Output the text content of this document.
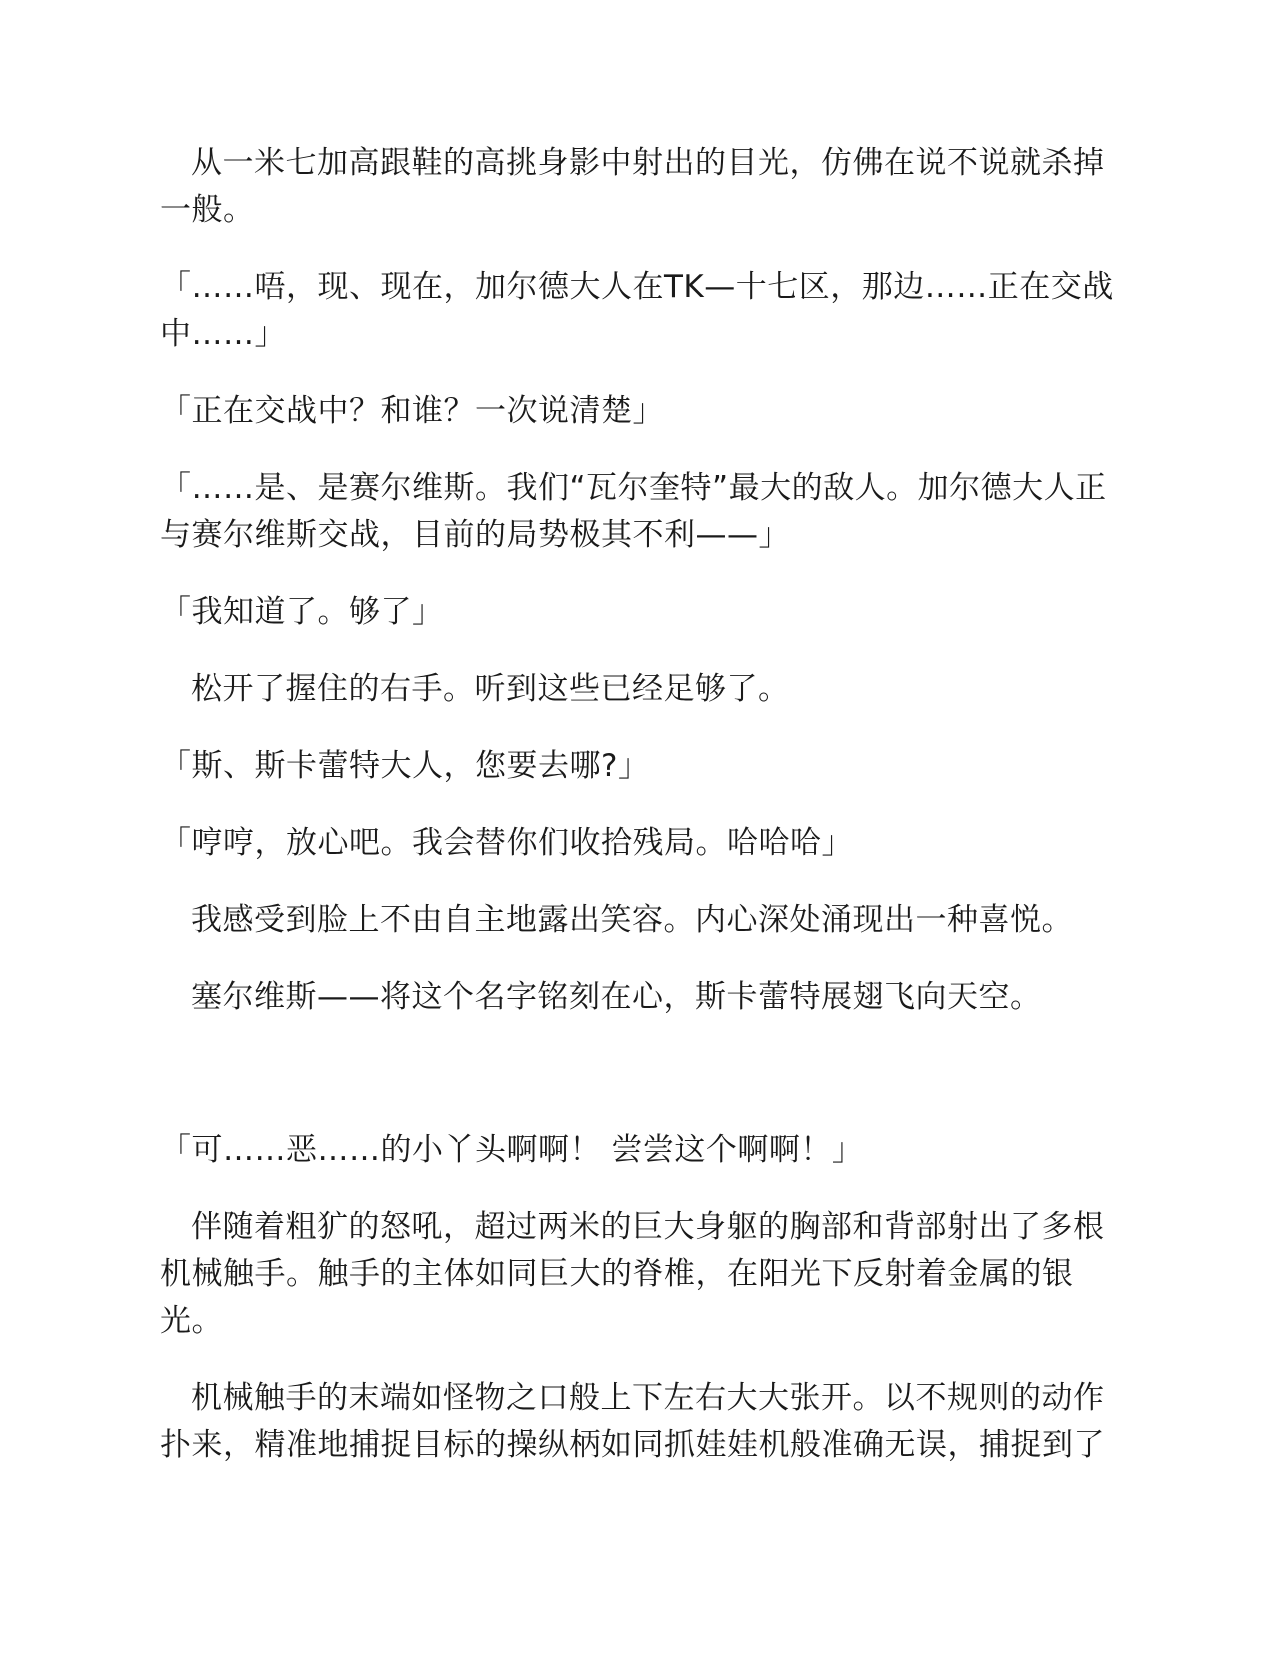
从一米七加高跟鞋的高挑身影中射出的目光，仿佛在说不说就杀掉一般。

「……唔，现、现在，加尔德大人在TK—十七区，那边……正在交战中……」

「正在交战中？和谁？一次说清楚」

「……是、是赛尔维斯。我们“瓦尔奎特”最大的敌人。加尔德大人正与赛尔维斯交战，目前的局势极其不利——」

「我知道了。够了」

松开了握住的右手。听到这些已经足够了。

「斯、斯卡蕾特大人，您要去哪?」

「哼哼，放心吧。我会替你们收拾残局。哈哈哈」

我感受到脸上不由自主地露出笑容。内心深处涌现出一种喜悦。

塞尔维斯——将这个名字铭刻在心，斯卡蕾特展翅飞向天空。

「可……恶……的小丫头啊啊！ 尝尝这个啊啊！」

伴随着粗犷的怒吼，超过两米的巨大身躯的胸部和背部射出了多根机械触手。触手的主体如同巨大的脊椎，在阳光下反射着金属的银光。

机械触手的末端如怪物之口般上下左右大大张开。以不规则的动作扑来，精准地捕捉目标的操纵柄如同抓娃娃机般准确无误，捕捉到了
